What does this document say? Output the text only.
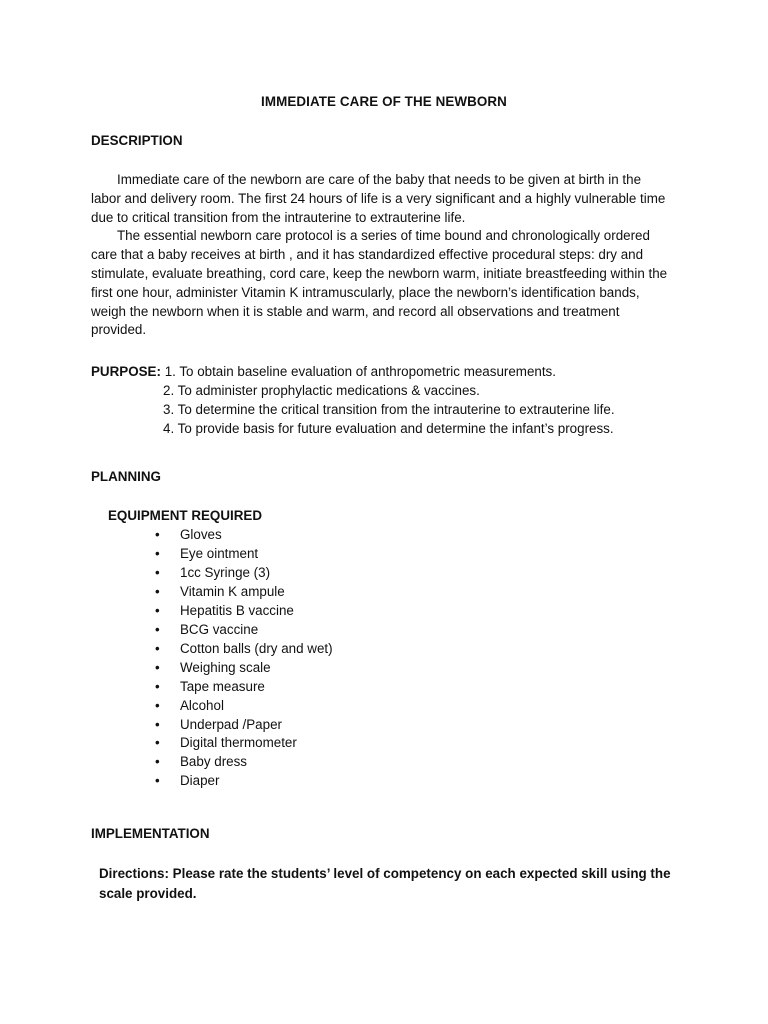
IMMEDIATE CARE OF THE NEWBORN
DESCRIPTION

Immediate care of the newborn are care of the baby that needs to be given at birth in the labor and delivery room. The first 24 hours of life is a very significant and a highly vulnerable time due to critical transition from the intrauterine to extrauterine life.

The essential newborn care protocol is a series of time bound and chronologically ordered care that a baby receives at birth , and it has standardized effective procedural steps: dry and stimulate, evaluate breathing, cord care, keep the newborn warm, initiate breastfeeding within the first one hour, administer Vitamin K intramuscularly, place the newborn’s identification bands, weigh the newborn when it is stable and warm, and record all observations and treatment provided.

PURPOSE: 1. To obtain baseline evaluation of anthropometric measurements.
2. To administer prophylactic medications & vaccines.
3. To determine the critical transition from the intrauterine to extrauterine life.
4. To provide basis for future evaluation and determine the infant’s progress.
PLANNING
EQUIPMENT REQUIRED
• Gloves
• Eye ointment
• 1cc Syringe (3)
• Vitamin K ampule
• Hepatitis B vaccine
• BCG vaccine
• Cotton balls (dry and wet)
• Weighing scale
• Tape measure
• Alcohol
• Underpad /Paper
• Digital thermometer
• Baby dress
• Diaper
IMPLEMENTATION
Directions: Please rate the students’ level of competency on each expected skill using the scale provided.
